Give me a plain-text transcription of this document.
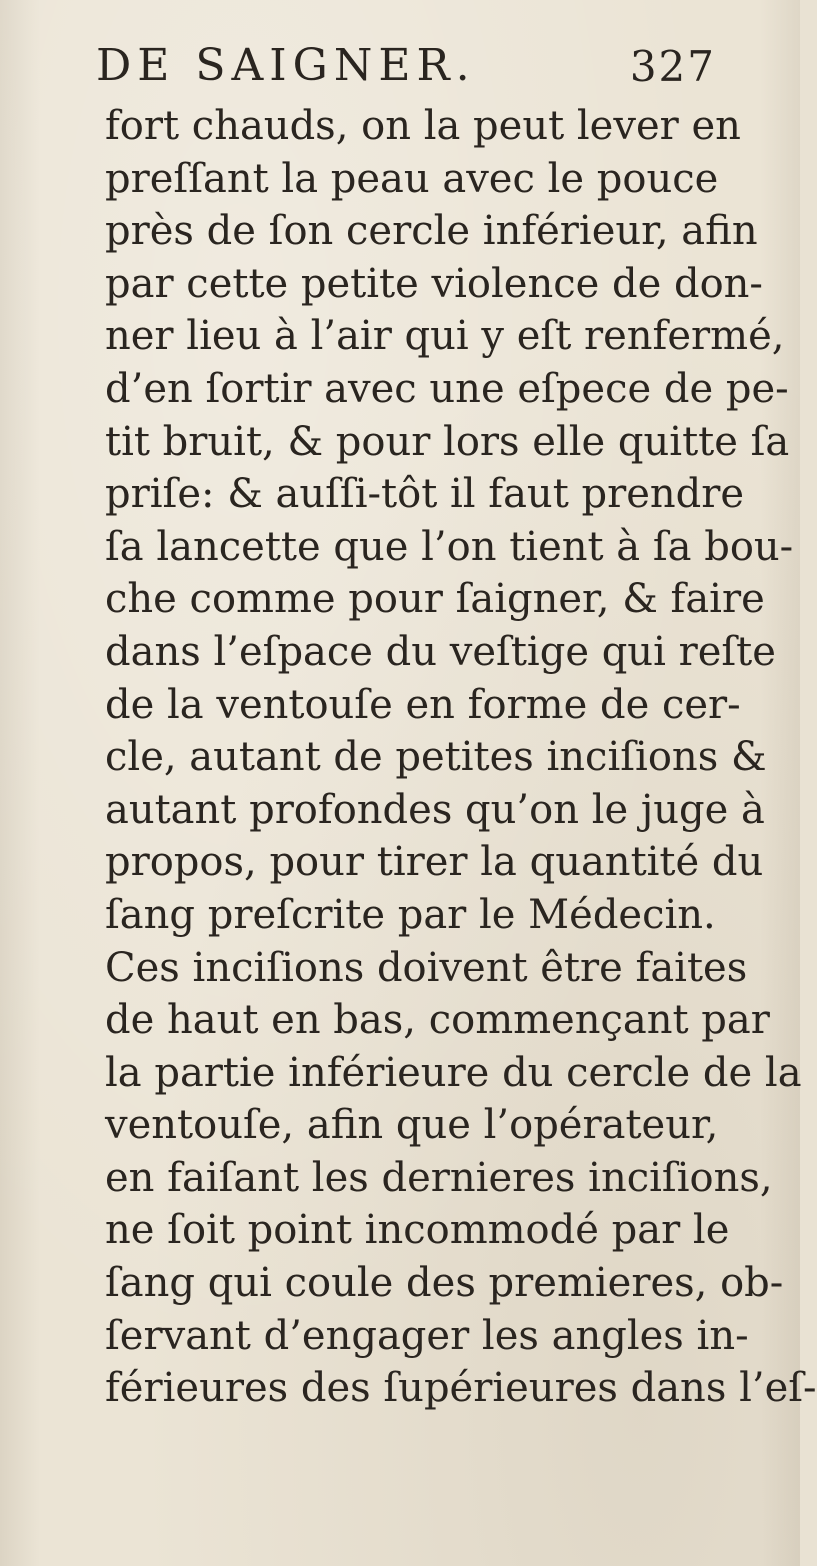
DE SAIGNER.	327
fort chauds, on la peut lever en
preſſant la peau avec le pouce
près de ſon cercle inférieur, afin
par cette petite violence de don-
ner lieu à l’air qui y eſt renfermé,
d’en ſortir avec une eſpece de pe-
tit bruit, & pour lors elle quitte ſa
priſe: & auſſi-tôt il faut prendre
ſa lancette que l’on tient à ſa bou-
che comme pour ſaigner, & faire
dans l’eſpace du veſtige qui reſte
de la ventouſe en forme de cer-
cle, autant de petites inciſions &
autant profondes qu’on le juge à
propos, pour tirer la quantité du
ſang preſcrite par le Médecin.
Ces inciſions doivent être faites
de haut en bas, commençant par
la partie inférieure du cercle de la
ventouſe, afin que l’opérateur,
en faiſant les dernieres inciſions,
ne ſoit point incommodé par le
ſang qui coule des premieres, ob-
ſervant d’engager les angles in-
férieures des ſupérieures dans l’eſ-
